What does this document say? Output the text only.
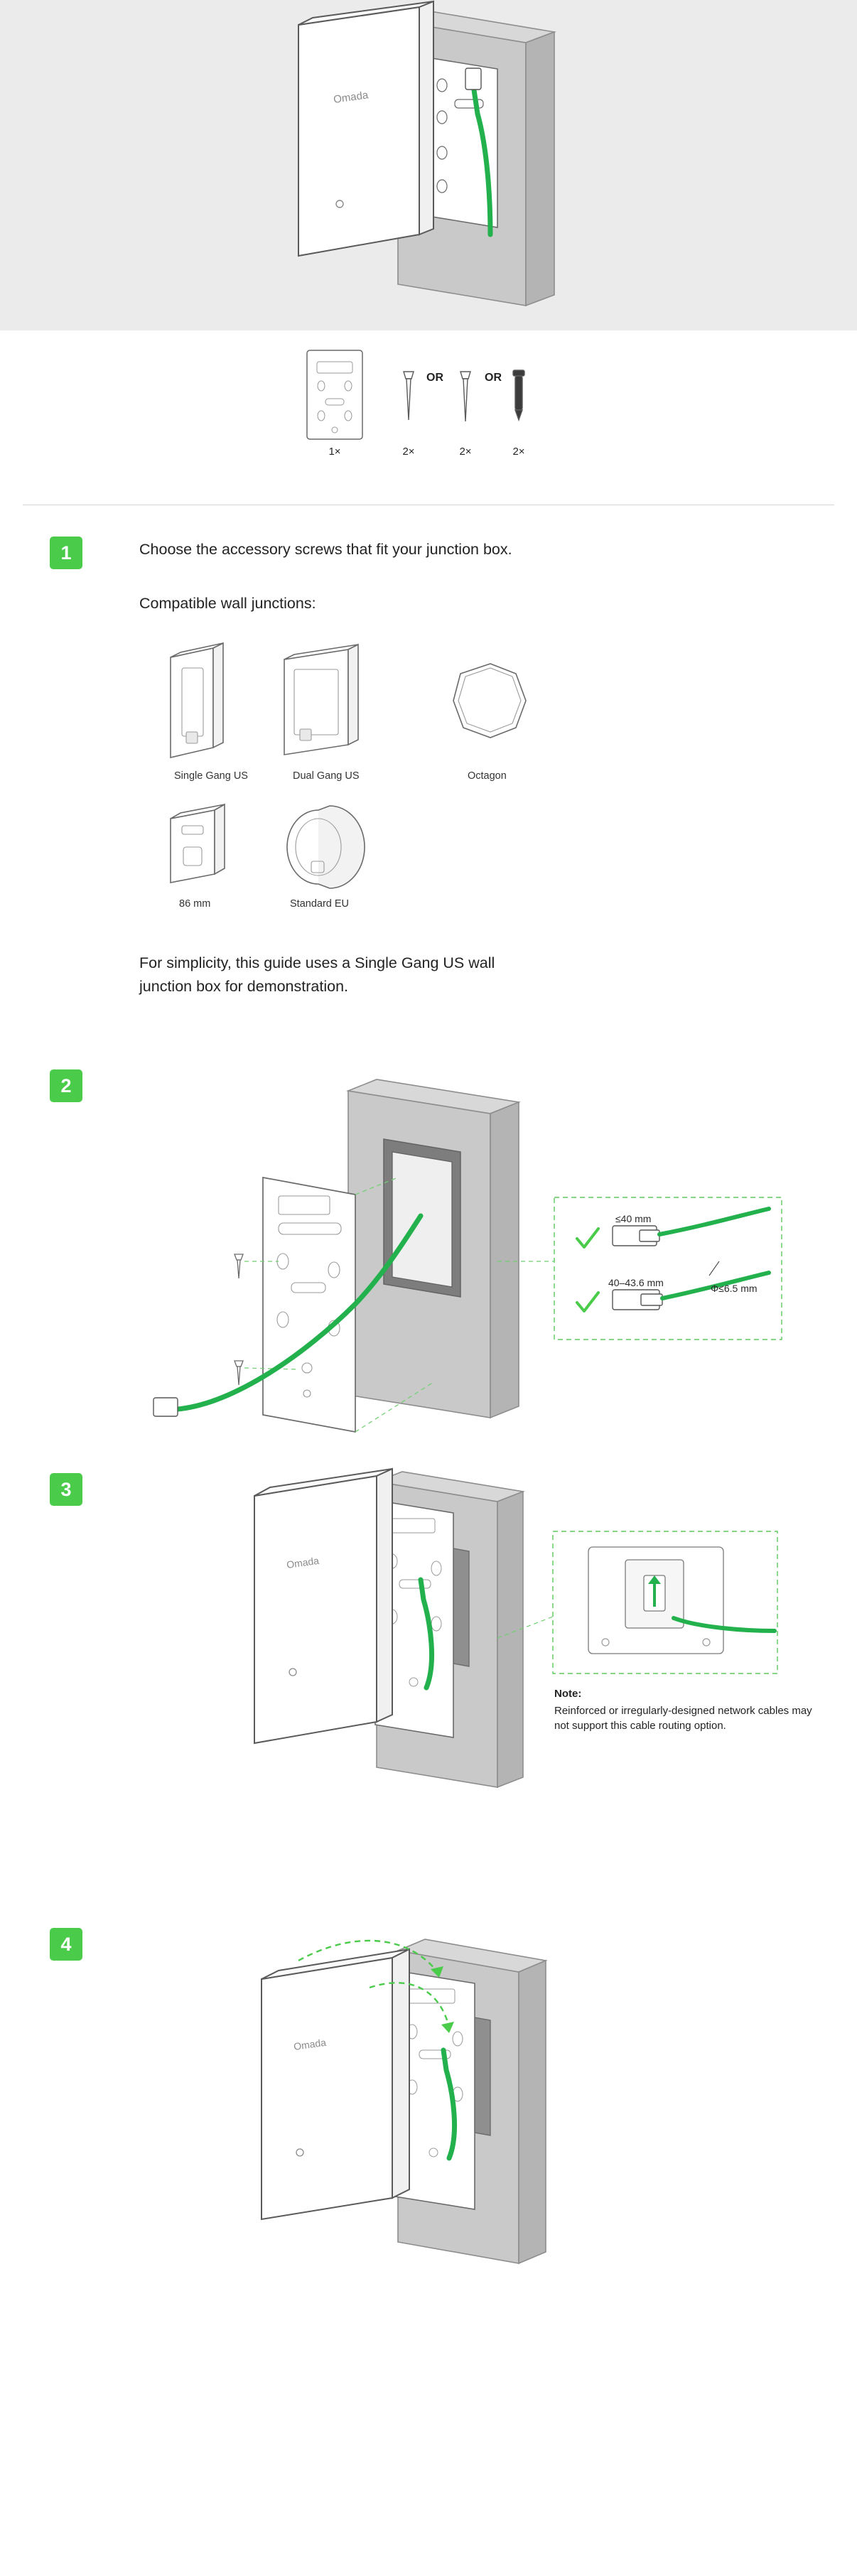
Omada
OR	OR
1×	2×	2×	2×
1	Choose the accessory screws that fit your junction box.
Compatible wall junctions:
Single Gang US	Dual Gang US	Octagon
86 mm	Standard EU
For simplicity, this guide uses a Single Gang US wall
junction box for demonstration.
2
≤40 mm
40–43.6 mm	Φ≤6.5 mm
3
Omada
Note:
Reinforced or irregularly-designed network cables may not support this cable routing option.
4
Omada
